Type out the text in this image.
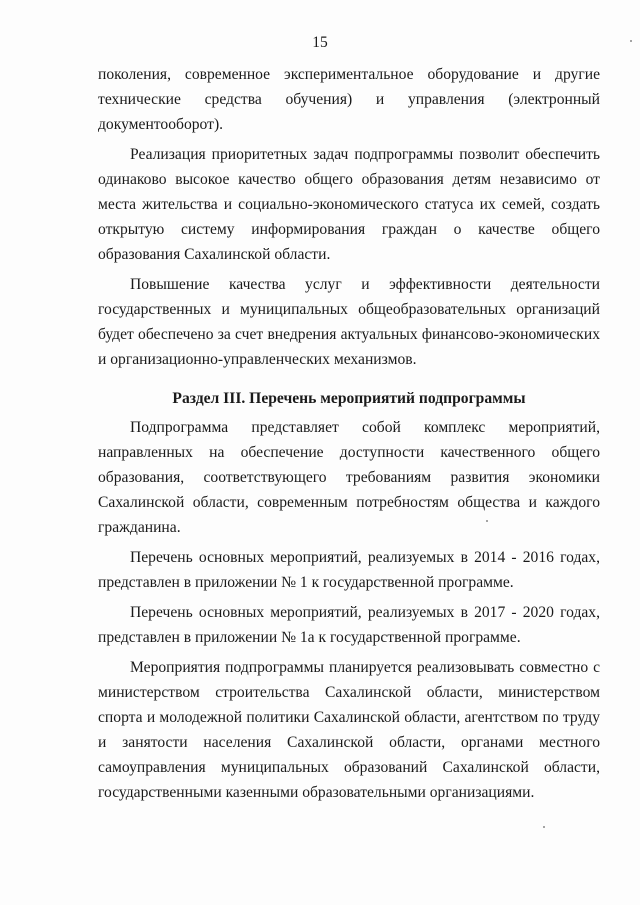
15

поколения, современное экспериментальное оборудование и другие технические средства обучения) и управления (электронный документооборот).

Реализация приоритетных задач подпрограммы позволит обеспечить одинаково высокое качество общего образования детям независимо от места жительства и социально-экономического статуса их семей, создать открытую систему информирования граждан о качестве общего образования Сахалинской области.

Повышение качества услуг и эффективности деятельности государственных и муниципальных общеобразовательных организаций будет обеспечено за счет внедрения актуальных финансово-экономических и организационно-управленческих механизмов.

Раздел III. Перечень мероприятий подпрограммы

Подпрограмма представляет собой комплекс мероприятий, направленных на обеспечение доступности качественного общего образования, соответствующего требованиям развития экономики Сахалинской области, современным потребностям общества и каждого гражданина.

Перечень основных мероприятий, реализуемых в 2014 - 2016 годах, представлен в приложении № 1 к государственной программе.

Перечень основных мероприятий, реализуемых в 2017 - 2020 годах, представлен в приложении № 1а к государственной программе.

Мероприятия подпрограммы планируется реализовывать совместно с министерством строительства Сахалинской области, министерством спорта и молодежной политики Сахалинской области, агентством по труду и занятости населения Сахалинской области, органами местного самоуправления муниципальных образований Сахалинской области, государственными казенными образовательными организациями.
